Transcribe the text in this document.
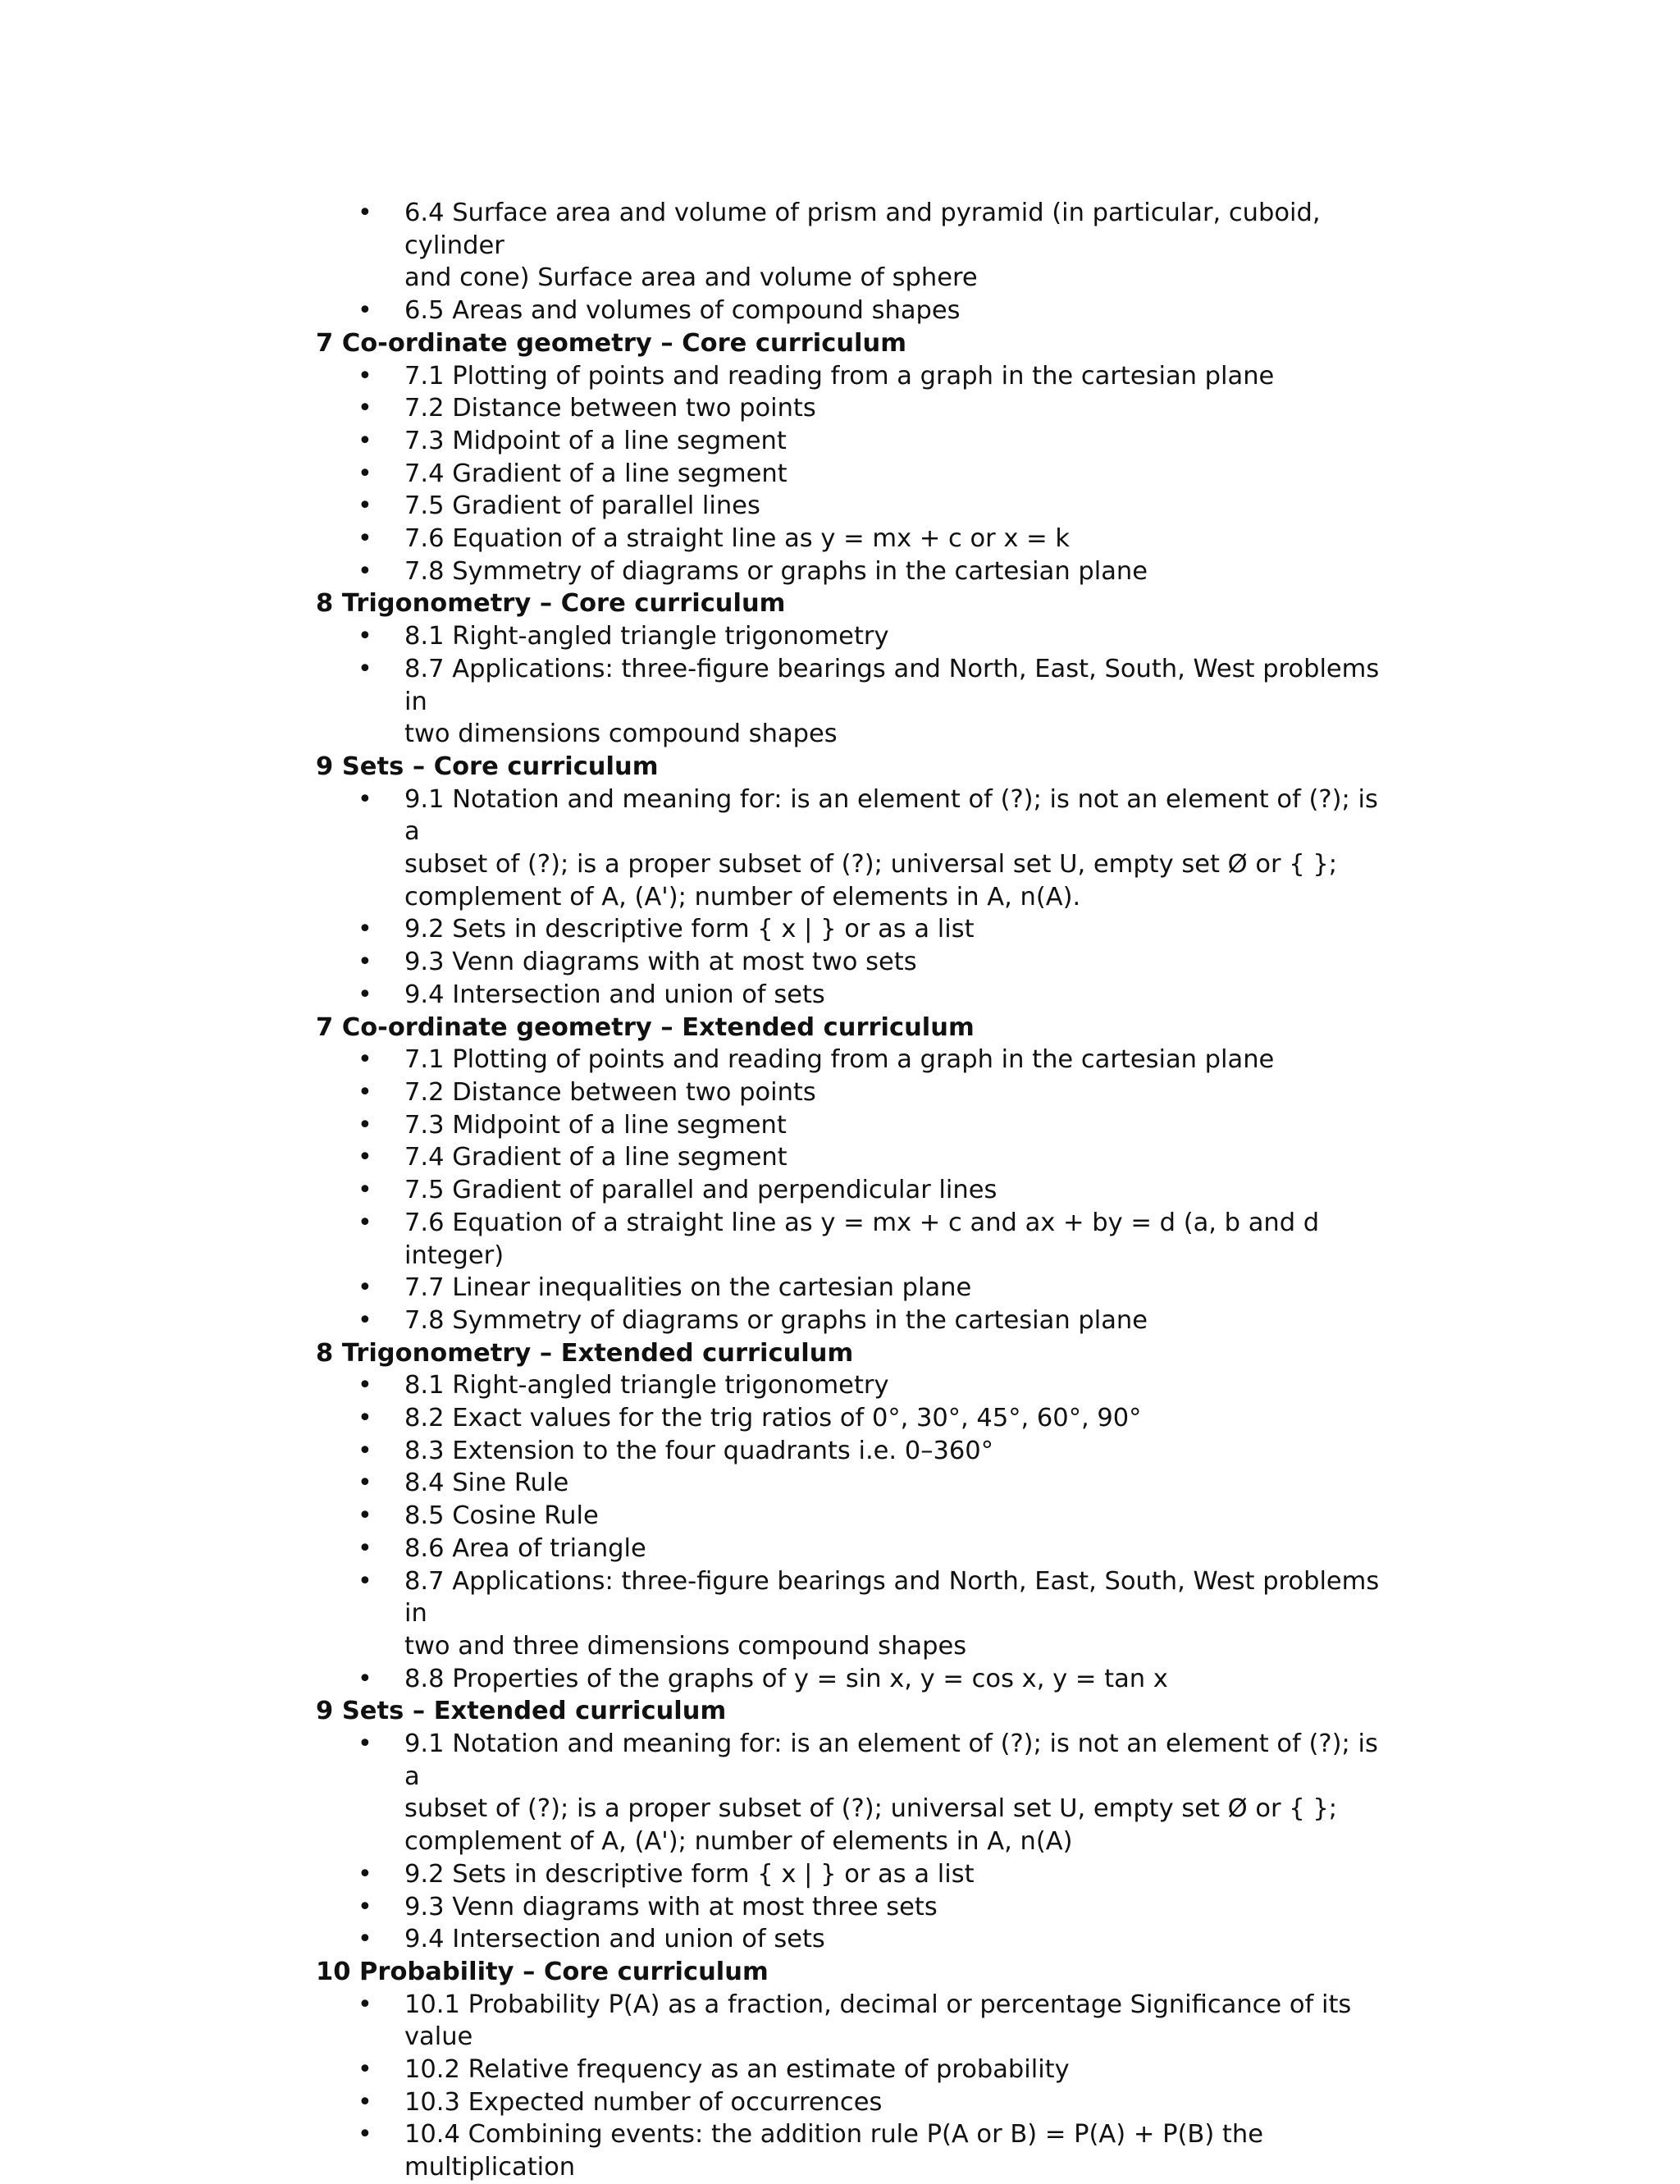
• 6.4 Surface area and volume of prism and pyramid (in particular, cuboid, cylinder
and cone) Surface area and volume of sphere
• 6.5 Areas and volumes of compound shapes
7 Co-ordinate geometry – Core curriculum
• 7.1 Plotting of points and reading from a graph in the cartesian plane
• 7.2 Distance between two points
• 7.3 Midpoint of a line segment
• 7.4 Gradient of a line segment
• 7.5 Gradient of parallel lines
• 7.6 Equation of a straight line as y = mx + c or x = k
• 7.8 Symmetry of diagrams or graphs in the cartesian plane
8 Trigonometry – Core curriculum
• 8.1 Right-angled triangle trigonometry
• 8.7 Applications: three-figure bearings and North, East, South, West problems in
two dimensions compound shapes
9 Sets – Core curriculum
• 9.1 Notation and meaning for: is an element of (?); is not an element of (?); is a
subset of (?); is a proper subset of (?); universal set U, empty set Ø or { };
complement of A, (A'); number of elements in A, n(A).
• 9.2 Sets in descriptive form { x | } or as a list
• 9.3 Venn diagrams with at most two sets
• 9.4 Intersection and union of sets
7 Co-ordinate geometry – Extended curriculum
• 7.1 Plotting of points and reading from a graph in the cartesian plane
• 7.2 Distance between two points
• 7.3 Midpoint of a line segment
• 7.4 Gradient of a line segment
• 7.5 Gradient of parallel and perpendicular lines
• 7.6 Equation of a straight line as y = mx + c and ax + by = d (a, b and d integer)
• 7.7 Linear inequalities on the cartesian plane
• 7.8 Symmetry of diagrams or graphs in the cartesian plane
8 Trigonometry – Extended curriculum
• 8.1 Right-angled triangle trigonometry
• 8.2 Exact values for the trig ratios of 0°, 30°, 45°, 60°, 90°
• 8.3 Extension to the four quadrants i.e. 0–360°
• 8.4 Sine Rule
• 8.5 Cosine Rule
• 8.6 Area of triangle
• 8.7 Applications: three-figure bearings and North, East, South, West problems in
two and three dimensions compound shapes
• 8.8 Properties of the graphs of y = sin x, y = cos x, y = tan x
9 Sets – Extended curriculum
• 9.1 Notation and meaning for: is an element of (?); is not an element of (?); is a
subset of (?); is a proper subset of (?); universal set U, empty set Ø or { };
complement of A, (A'); number of elements in A, n(A)
• 9.2 Sets in descriptive form { x | } or as a list
• 9.3 Venn diagrams with at most three sets
• 9.4 Intersection and union of sets
10 Probability – Core curriculum
• 10.1 Probability P(A) as a fraction, decimal or percentage Significance of its value
• 10.2 Relative frequency as an estimate of probability
• 10.3 Expected number of occurrences
• 10.4 Combining events: the addition rule P(A or B) = P(A) + P(B) the multiplication
